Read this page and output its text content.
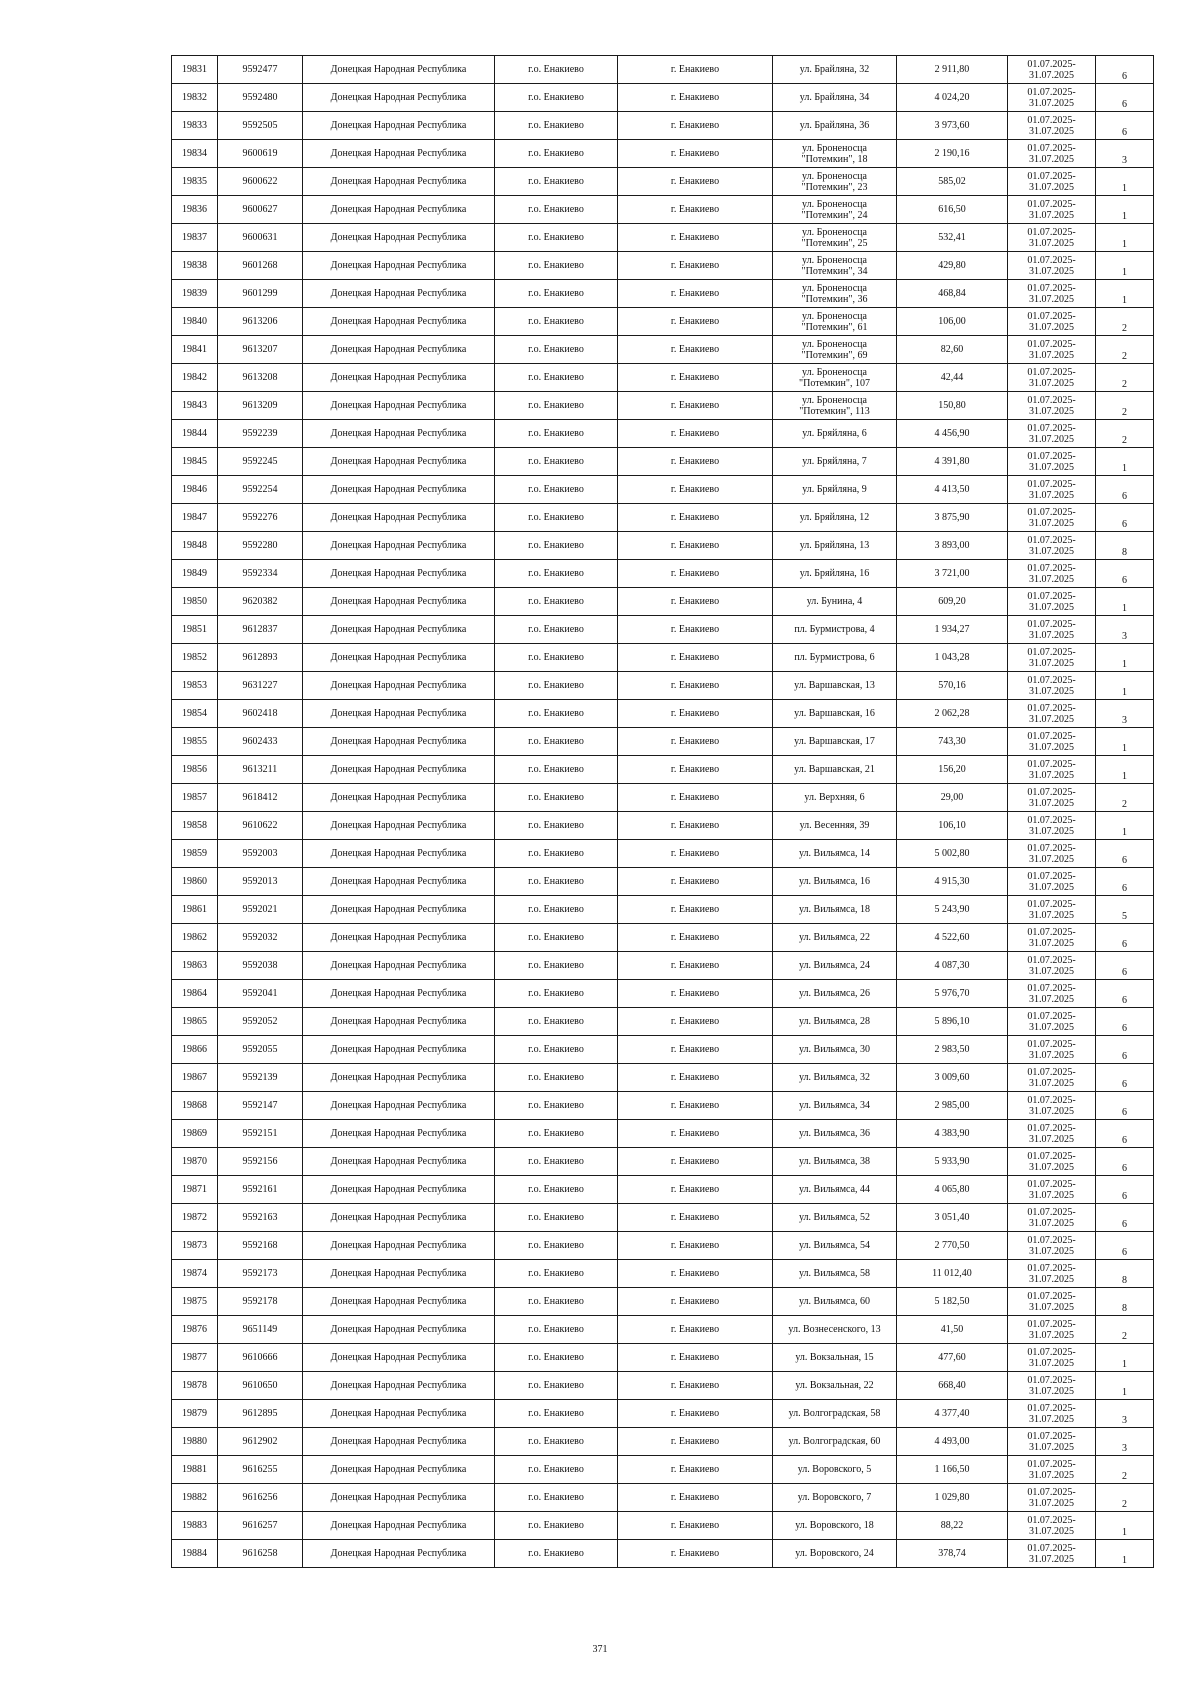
19831	9592477	Донецкая Народная Республика	г.о. Енакиево	г. Енакиево	ул. Брайляна, 32	2 911,80	01.07.2025-
31.07.2025	6
19832	9592480	Донецкая Народная Республика	г.о. Енакиево	г. Енакиево	ул. Брайляна, 34	4 024,20	01.07.2025-
31.07.2025	6
19833	9592505	Донецкая Народная Республика	г.о. Енакиево	г. Енакиево	ул. Брайляна, 36	3 973,60	01.07.2025-
31.07.2025	6
19834	9600619	Донецкая Народная Республика	г.о. Енакиево	г. Енакиево	ул. Броненосца "Потемкин", 18	2 190,16	01.07.2025-
31.07.2025	3
19835	9600622	Донецкая Народная Республика	г.о. Енакиево	г. Енакиево	ул. Броненосца "Потемкин", 23	585,02	01.07.2025-
31.07.2025	1
19836	9600627	Донецкая Народная Республика	г.о. Енакиево	г. Енакиево	ул. Броненосца "Потемкин", 24	616,50	01.07.2025-
31.07.2025	1
19837	9600631	Донецкая Народная Республика	г.о. Енакиево	г. Енакиево	ул. Броненосца "Потемкин", 25	532,41	01.07.2025-
31.07.2025	1
19838	9601268	Донецкая Народная Республика	г.о. Енакиево	г. Енакиево	ул. Броненосца "Потемкин", 34	429,80	01.07.2025-
31.07.2025	1
19839	9601299	Донецкая Народная Республика	г.о. Енакиево	г. Енакиево	ул. Броненосца "Потемкин", 36	468,84	01.07.2025-
31.07.2025	1
19840	9613206	Донецкая Народная Республика	г.о. Енакиево	г. Енакиево	ул. Броненосца "Потемкин", 61	106,00	01.07.2025-
31.07.2025	2
19841	9613207	Донецкая Народная Республика	г.о. Енакиево	г. Енакиево	ул. Броненосца "Потемкин", 69	82,60	01.07.2025-
31.07.2025	2
19842	9613208	Донецкая Народная Республика	г.о. Енакиево	г. Енакиево	ул. Броненосца "Потемкин", 107	42,44	01.07.2025-
31.07.2025	2
19843	9613209	Донецкая Народная Республика	г.о. Енакиево	г. Енакиево	ул. Броненосца "Потемкин", 113	150,80	01.07.2025-
31.07.2025	2
19844	9592239	Донецкая Народная Республика	г.о. Енакиево	г. Енакиево	ул. Бряйляна, 6	4 456,90	01.07.2025-
31.07.2025	2
19845	9592245	Донецкая Народная Республика	г.о. Енакиево	г. Енакиево	ул. Бряйляна, 7	4 391,80	01.07.2025-
31.07.2025	1
19846	9592254	Донецкая Народная Республика	г.о. Енакиево	г. Енакиево	ул. Бряйляна, 9	4 413,50	01.07.2025-
31.07.2025	6
19847	9592276	Донецкая Народная Республика	г.о. Енакиево	г. Енакиево	ул. Бряйляна, 12	3 875,90	01.07.2025-
31.07.2025	6
19848	9592280	Донецкая Народная Республика	г.о. Енакиево	г. Енакиево	ул. Бряйляна, 13	3 893,00	01.07.2025-
31.07.2025	8
19849	9592334	Донецкая Народная Республика	г.о. Енакиево	г. Енакиево	ул. Бряйляна, 16	3 721,00	01.07.2025-
31.07.2025	6
19850	9620382	Донецкая Народная Республика	г.о. Енакиево	г. Енакиево	ул. Бунина, 4	609,20	01.07.2025-
31.07.2025	1
19851	9612837	Донецкая Народная Республика	г.о. Енакиево	г. Енакиево	пл. Бурмистрова, 4	1 934,27	01.07.2025-
31.07.2025	3
19852	9612893	Донецкая Народная Республика	г.о. Енакиево	г. Енакиево	пл. Бурмистрова, 6	1 043,28	01.07.2025-
31.07.2025	1
19853	9631227	Донецкая Народная Республика	г.о. Енакиево	г. Енакиево	ул. Варшавская, 13	570,16	01.07.2025-
31.07.2025	1
19854	9602418	Донецкая Народная Республика	г.о. Енакиево	г. Енакиево	ул. Варшавская, 16	2 062,28	01.07.2025-
31.07.2025	3
19855	9602433	Донецкая Народная Республика	г.о. Енакиево	г. Енакиево	ул. Варшавская, 17	743,30	01.07.2025-
31.07.2025	1
19856	9613211	Донецкая Народная Республика	г.о. Енакиево	г. Енакиево	ул. Варшавская, 21	156,20	01.07.2025-
31.07.2025	1
19857	9618412	Донецкая Народная Республика	г.о. Енакиево	г. Енакиево	ул. Верхняя, 6	29,00	01.07.2025-
31.07.2025	2
19858	9610622	Донецкая Народная Республика	г.о. Енакиево	г. Енакиево	ул. Весенняя, 39	106,10	01.07.2025-
31.07.2025	1
19859	9592003	Донецкая Народная Республика	г.о. Енакиево	г. Енакиево	ул. Вильямса, 14	5 002,80	01.07.2025-
31.07.2025	6
19860	9592013	Донецкая Народная Республика	г.о. Енакиево	г. Енакиево	ул. Вильямса, 16	4 915,30	01.07.2025-
31.07.2025	6
19861	9592021	Донецкая Народная Республика	г.о. Енакиево	г. Енакиево	ул. Вильямса, 18	5 243,90	01.07.2025-
31.07.2025	5
19862	9592032	Донецкая Народная Республика	г.о. Енакиево	г. Енакиево	ул. Вильямса, 22	4 522,60	01.07.2025-
31.07.2025	6
19863	9592038	Донецкая Народная Республика	г.о. Енакиево	г. Енакиево	ул. Вильямса, 24	4 087,30	01.07.2025-
31.07.2025	6
19864	9592041	Донецкая Народная Республика	г.о. Енакиево	г. Енакиево	ул. Вильямса, 26	5 976,70	01.07.2025-
31.07.2025	6
19865	9592052	Донецкая Народная Республика	г.о. Енакиево	г. Енакиево	ул. Вильямса, 28	5 896,10	01.07.2025-
31.07.2025	6
19866	9592055	Донецкая Народная Республика	г.о. Енакиево	г. Енакиево	ул. Вильямса, 30	2 983,50	01.07.2025-
31.07.2025	6
19867	9592139	Донецкая Народная Республика	г.о. Енакиево	г. Енакиево	ул. Вильямса, 32	3 009,60	01.07.2025-
31.07.2025	6
19868	9592147	Донецкая Народная Республика	г.о. Енакиево	г. Енакиево	ул. Вильямса, 34	2 985,00	01.07.2025-
31.07.2025	6
19869	9592151	Донецкая Народная Республика	г.о. Енакиево	г. Енакиево	ул. Вильямса, 36	4 383,90	01.07.2025-
31.07.2025	6
19870	9592156	Донецкая Народная Республика	г.о. Енакиево	г. Енакиево	ул. Вильямса, 38	5 933,90	01.07.2025-
31.07.2025	6
19871	9592161	Донецкая Народная Республика	г.о. Енакиево	г. Енакиево	ул. Вильямса, 44	4 065,80	01.07.2025-
31.07.2025	6
19872	9592163	Донецкая Народная Республика	г.о. Енакиево	г. Енакиево	ул. Вильямса, 52	3 051,40	01.07.2025-
31.07.2025	6
19873	9592168	Донецкая Народная Республика	г.о. Енакиево	г. Енакиево	ул. Вильямса, 54	2 770,50	01.07.2025-
31.07.2025	6
19874	9592173	Донецкая Народная Республика	г.о. Енакиево	г. Енакиево	ул. Вильямса, 58	11 012,40	01.07.2025-
31.07.2025	8
19875	9592178	Донецкая Народная Республика	г.о. Енакиево	г. Енакиево	ул. Вильямса, 60	5 182,50	01.07.2025-
31.07.2025	8
19876	9651149	Донецкая Народная Республика	г.о. Енакиево	г. Енакиево	ул. Вознесенского, 13	41,50	01.07.2025-
31.07.2025	2
19877	9610666	Донецкая Народная Республика	г.о. Енакиево	г. Енакиево	ул. Вокзальная, 15	477,60	01.07.2025-
31.07.2025	1
19878	9610650	Донецкая Народная Республика	г.о. Енакиево	г. Енакиево	ул. Вокзальная, 22	668,40	01.07.2025-
31.07.2025	1
19879	9612895	Донецкая Народная Республика	г.о. Енакиево	г. Енакиево	ул. Волгоградская, 58	4 377,40	01.07.2025-
31.07.2025	3
19880	9612902	Донецкая Народная Республика	г.о. Енакиево	г. Енакиево	ул. Волгоградская, 60	4 493,00	01.07.2025-
31.07.2025	3
19881	9616255	Донецкая Народная Республика	г.о. Енакиево	г. Енакиево	ул. Воровского, 5	1 166,50	01.07.2025-
31.07.2025	2
19882	9616256	Донецкая Народная Республика	г.о. Енакиево	г. Енакиево	ул. Воровского, 7	1 029,80	01.07.2025-
31.07.2025	2
19883	9616257	Донецкая Народная Республика	г.о. Енакиево	г. Енакиево	ул. Воровского, 18	88,22	01.07.2025-
31.07.2025	1
19884	9616258	Донецкая Народная Республика	г.о. Енакиево	г. Енакиево	ул. Воровского, 24	378,74	01.07.2025-
31.07.2025	1
371
